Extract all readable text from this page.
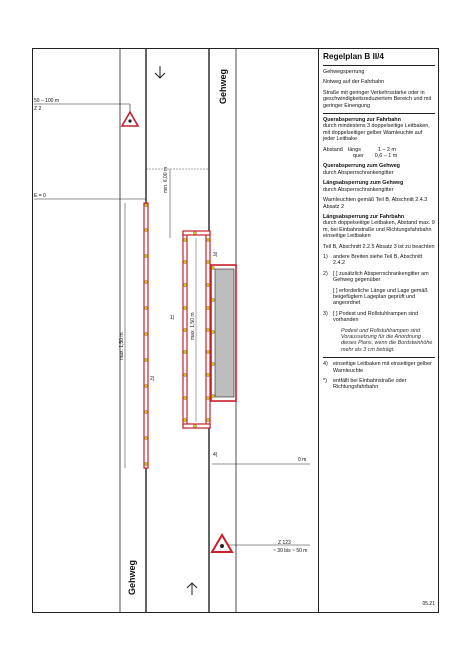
50 – 100 m
Z 2
E = 0
min. 6,00 m
max. 1,50 m
max. 1,50 m
1)
2)
3)
4)
0 m
Z 123
~ 30 bis ~ 50 m
Gehweg
Gehweg
Regelplan B II/4

Gehwegsperrung

Notweg auf der Fahrbahn

Straße mit geringer Verkehrsstärke oder in geschwindigkeitsreduziertem Bereich und mit geringer Einengung

Querabsperrung zur Fahrbahn
durch mindestens 3 doppelseitige Leitbaken, mit doppelseitiger gelber Warnleuchte auf jeder Leitbake

Abstand längs	1 – 2 m
quer	0,6 – 1 m

Querabsperrung zum Gehweg
durch Absperrschrankengitter

Längsabsperrung zum Gehweg
durch Absperrschrankengitter

Warnleuchten gemäß Teil B, Abschnitt 2.4.3 Absatz 2

Längsabsperrung zur Fahrbahn
durch doppelseitige Leitbaken, Abstand max. 9 m, bei Einbahnstraße und Richtungsfahrbahn einseitige Leitbaken

Teil B, Abschnitt 2.2.5 Absatz 3 ist zu beachten

1) andere Breiten siehe Teil B, Abschnitt 2.4.2
2) [ ] zusätzlich Absperrschrankengitter am Gehweg gegenüber
[ ] erforderliche Länge und Lage gemäß beigefügtem Lageplan geprüft und angeordnet
3) [ ] Podest und Rollstuhlrampen sind vorhanden
Podest und Rollstuhlrampen sind Voraussetzung für die Anordnung dieses Plans, wenn die Bordsteinhöhe mehr als 3 cm beträgt.
4) einseitige Leitbaken mit einseitiger gelber Warnleuchte
*)	entfällt bei Einbahnstraße oder Richtungsfahrbahn
05.21
